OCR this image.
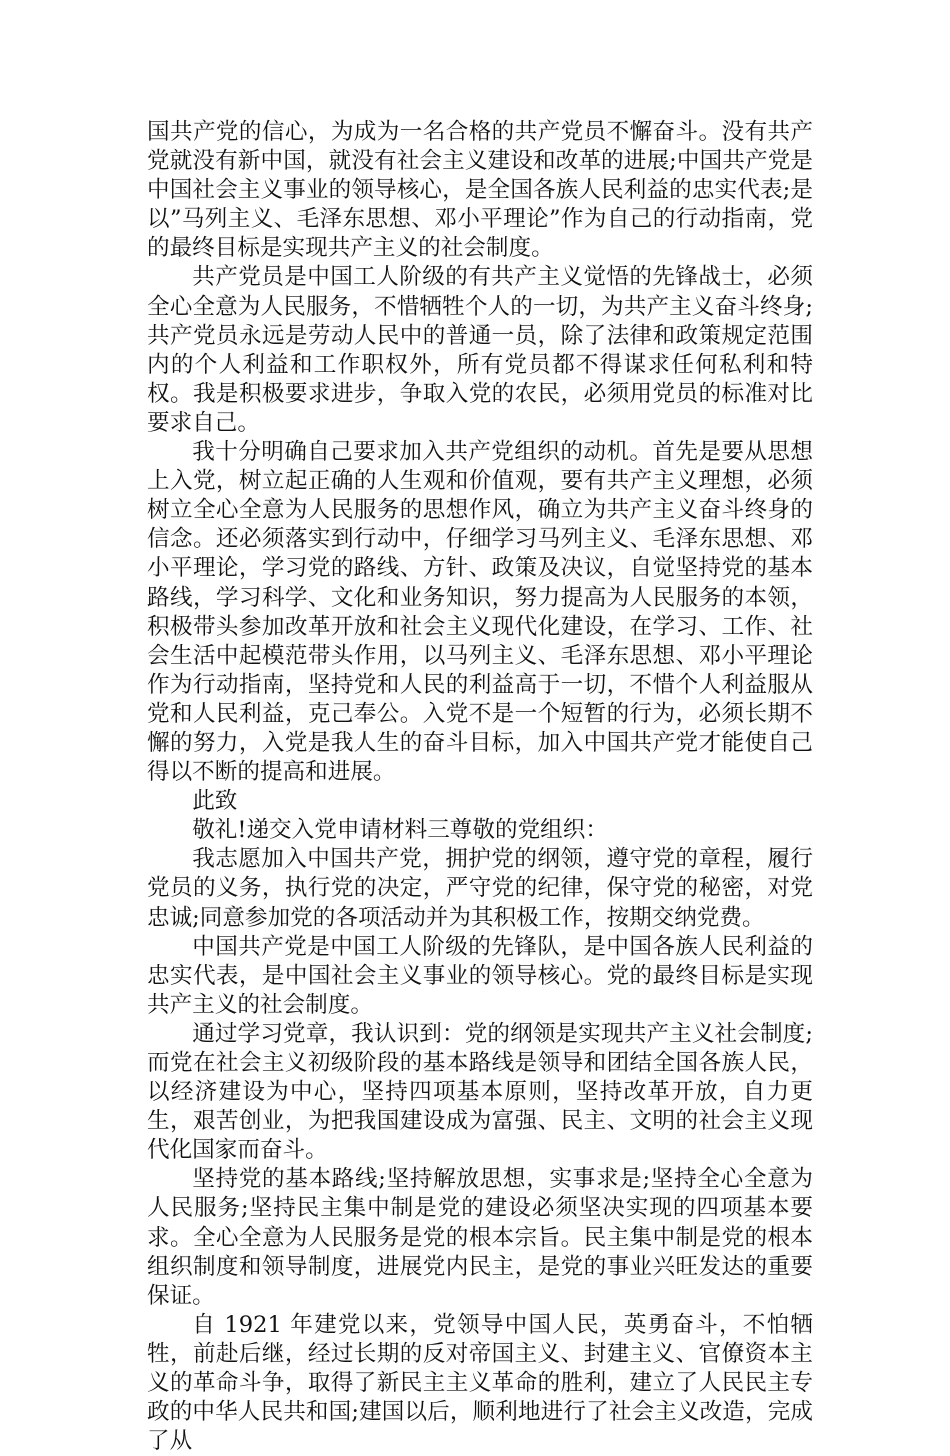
国共产党的信心，为成为一名合格的共产党员不懈奋斗。没有共产党就没有新中国，就没有社会主义建设和改革的进展;中国共产党是中国社会主义事业的领导核心，是全国各族人民利益的忠实代表;是以”马列主义、毛泽东思想、邓小平理论”作为自己的行动指南，党的最终目标是实现共产主义的社会制度。

共产党员是中国工人阶级的有共产主义觉悟的先锋战士，必须全心全意为人民服务，不惜牺牲个人的一切，为共产主义奋斗终身;共产党员永远是劳动人民中的普通一员，除了法律和政策规定范围内的个人利益和工作职权外，所有党员都不得谋求任何私利和特权。我是积极要求进步，争取入党的农民，必须用党员的标准对比要求自己。

我十分明确自己要求加入共产党组织的动机。首先是要从思想上入党，树立起正确的人生观和价值观，要有共产主义理想，必须树立全心全意为人民服务的思想作风，确立为共产主义奋斗终身的信念。还必须落实到行动中，仔细学习马列主义、毛泽东思想、邓小平理论，学习党的路线、方针、政策及决议，自觉坚持党的基本路线，学习科学、文化和业务知识，努力提高为人民服务的本领，积极带头参加改革开放和社会主义现代化建设，在学习、工作、社会生活中起模范带头作用，以马列主义、毛泽东思想、邓小平理论作为行动指南，坚持党和人民的利益高于一切，不惜个人利益服从党和人民利益，克己奉公。入党不是一个短暂的行为，必须长期不懈的努力，入党是我人生的奋斗目标，加入中国共产党才能使自己得以不断的提高和进展。

此致

敬礼!递交入党申请材料三尊敬的党组织：

我志愿加入中国共产党，拥护党的纲领，遵守党的章程，履行党员的义务，执行党的决定，严守党的纪律，保守党的秘密，对党忠诚;同意参加党的各项活动并为其积极工作，按期交纳党费。

中国共产党是中国工人阶级的先锋队，是中国各族人民利益的忠实代表，是中国社会主义事业的领导核心。党的最终目标是实现共产主义的社会制度。

通过学习党章，我认识到：党的纲领是实现共产主义社会制度;而党在社会主义初级阶段的基本路线是领导和团结全国各族人民，以经济建设为中心，坚持四项基本原则，坚持改革开放，自力更生，艰苦创业，为把我国建设成为富强、民主、文明的社会主义现代化国家而奋斗。

坚持党的基本路线;坚持解放思想，实事求是;坚持全心全意为人民服务;坚持民主集中制是党的建设必须坚决实现的四项基本要求。全心全意为人民服务是党的根本宗旨。民主集中制是党的根本组织制度和领导制度，进展党内民主，是党的事业兴旺发达的重要保证。

自 1921 年建党以来，党领导中国人民，英勇奋斗，不怕牺牲，前赴后继，经过长期的反对帝国主义、封建主义、官僚资本主义的革命斗争，取得了新民主主义革命的胜利，建立了人民民主专政的中华人民共和国;建国以后，顺利地进行了社会主义改造，完成了从
